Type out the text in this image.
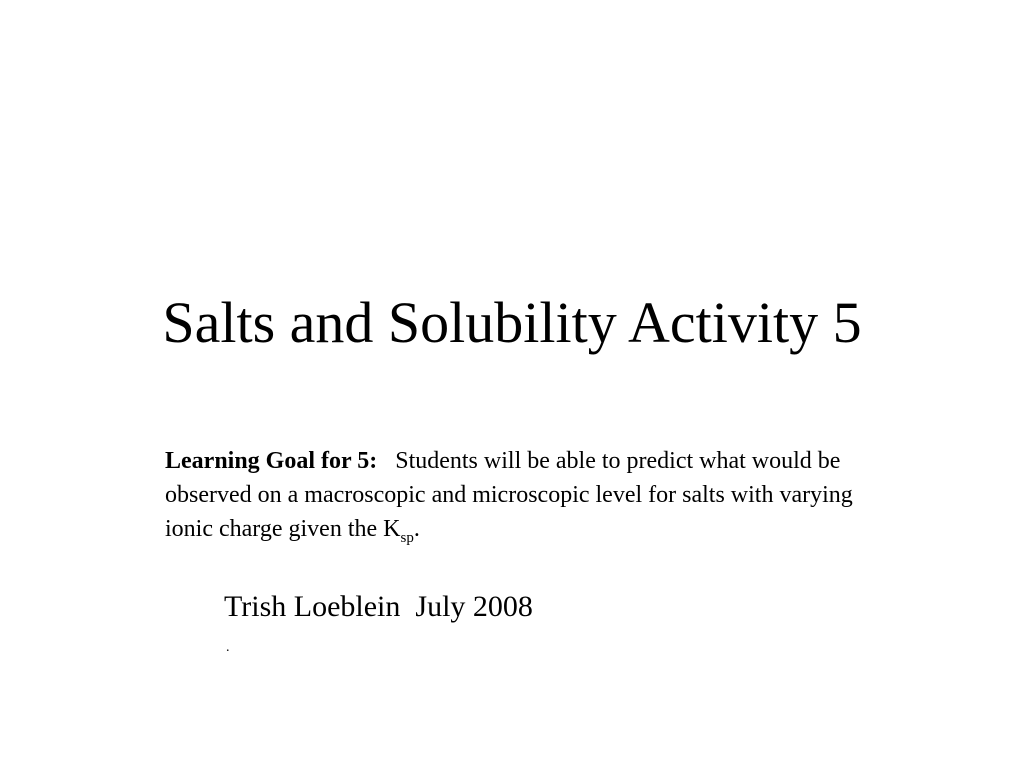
Salts and Solubility Activity 5

Learning Goal for 5: Students will be able to predict what would be observed on a macroscopic and microscopic level for salts with varying ionic charge given the $K_{sp}$.

Trish Loeblein  July 2008

.
